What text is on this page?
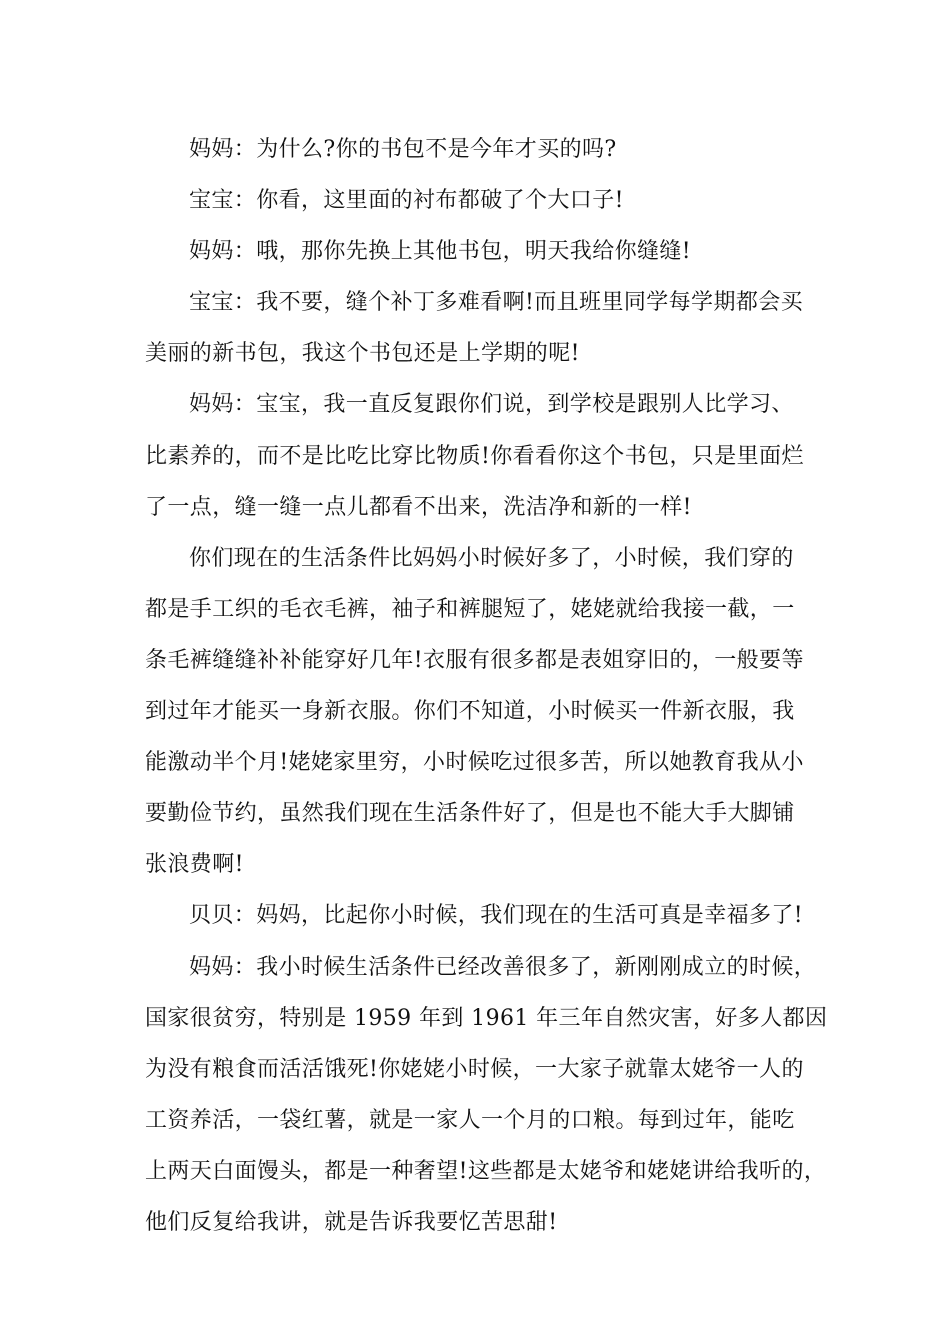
妈妈：为什么?你的书包不是今年才买的吗?

宝宝：你看，这里面的衬布都破了个大口子!

妈妈：哦，那你先换上其他书包，明天我给你缝缝!

宝宝：我不要，缝个补丁多难看啊!而且班里同学每学期都会买
美丽的新书包，我这个书包还是上学期的呢!

妈妈：宝宝，我一直反复跟你们说，到学校是跟别人比学习、
比素养的，而不是比吃比穿比物质!你看看你这个书包，只是里面烂
了一点，缝一缝一点儿都看不出来，洗洁净和新的一样!

你们现在的生活条件比妈妈小时候好多了，小时候，我们穿的
都是手工织的毛衣毛裤，袖子和裤腿短了，姥姥就给我接一截，一
条毛裤缝缝补补能穿好几年!衣服有很多都是表姐穿旧的，一般要等
到过年才能买一身新衣服。你们不知道，小时候买一件新衣服，我
能激动半个月!姥姥家里穷，小时候吃过很多苦，所以她教育我从小
要勤俭节约，虽然我们现在生活条件好了，但是也不能大手大脚铺
张浪费啊!

贝贝：妈妈，比起你小时候，我们现在的生活可真是幸福多了!

妈妈：我小时候生活条件已经改善很多了，新刚刚成立的时候，
国家很贫穷，特别是 1959 年到 1961 年三年自然灾害，好多人都因
为没有粮食而活活饿死!你姥姥小时候，一大家子就靠太姥爷一人的
工资养活，一袋红薯，就是一家人一个月的口粮。每到过年，能吃
上两天白面馒头，都是一种奢望!这些都是太姥爷和姥姥讲给我听的，
他们反复给我讲，就是告诉我要忆苦思甜!
